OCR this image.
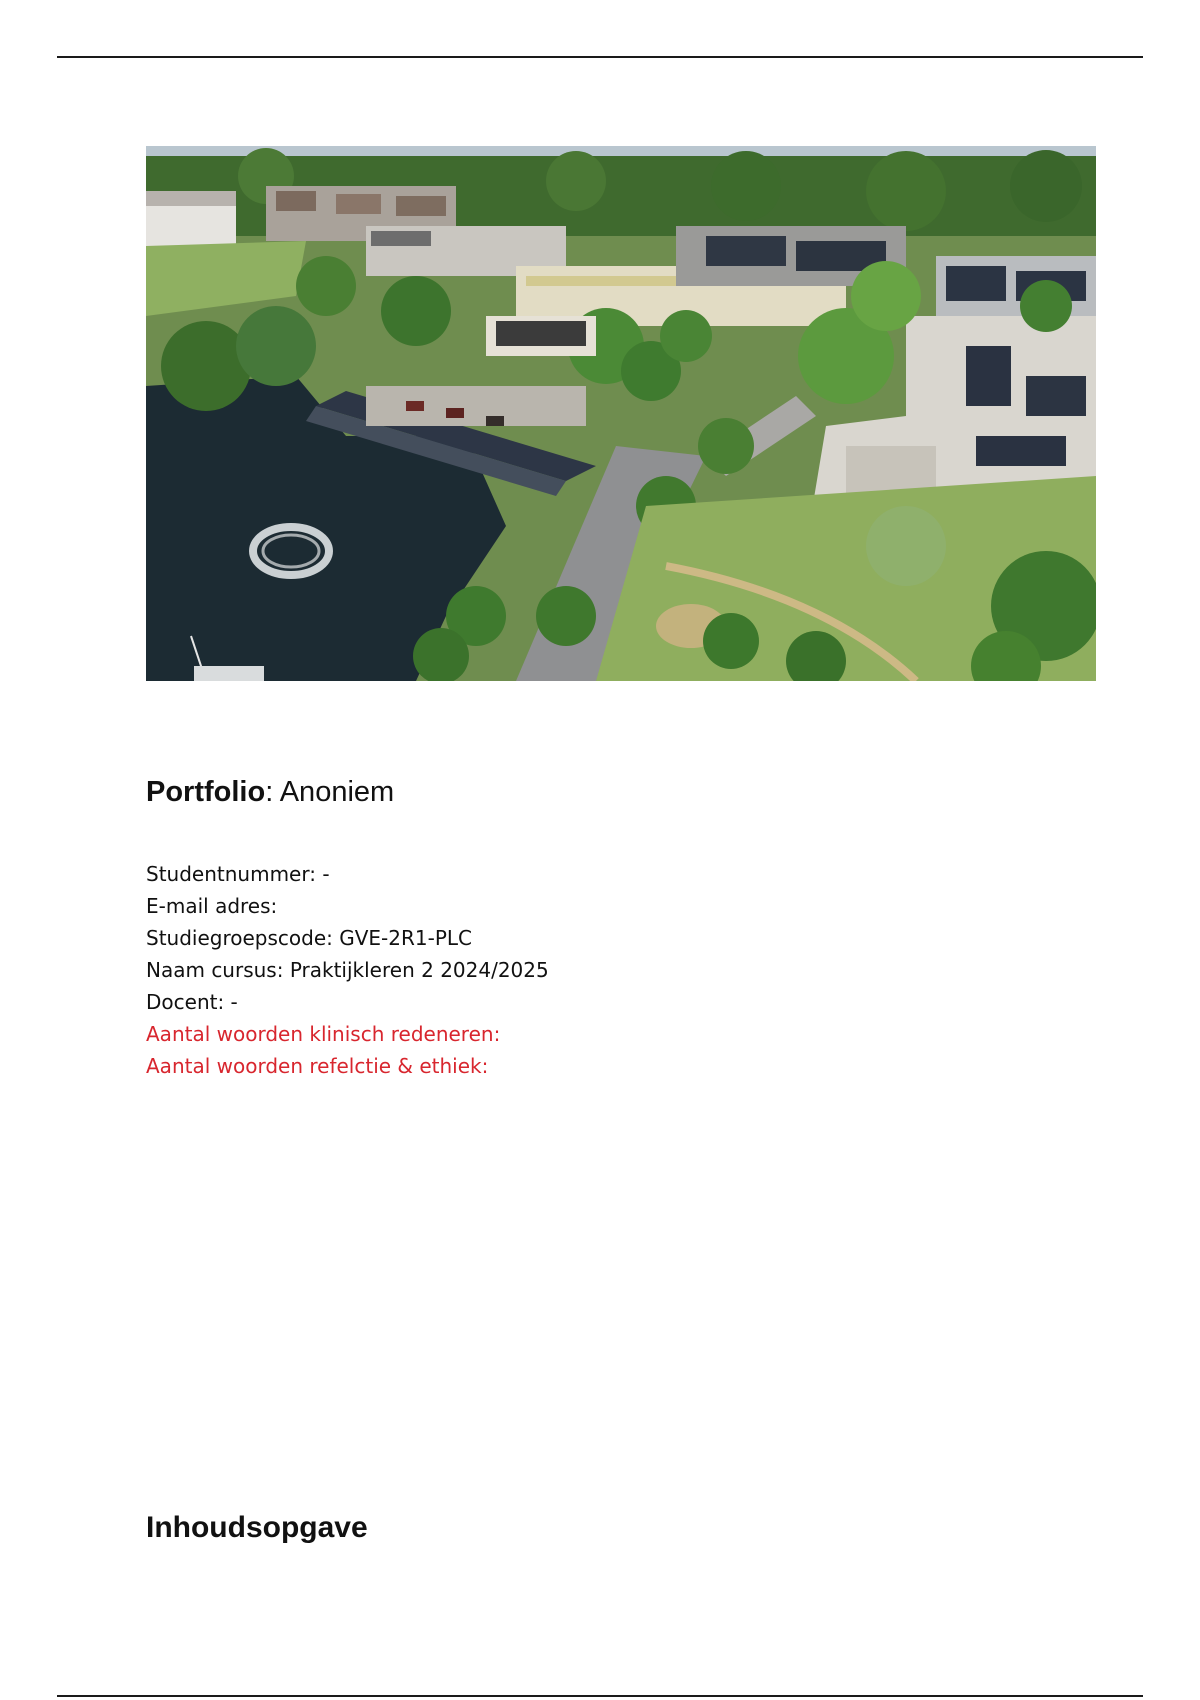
Portfolio: Anoniem
Studentnummer: -
E-mail adres:
Studiegroepscode: GVE-2R1-PLC
Naam cursus: Praktijkleren 2 2024/2025
Docent: -
Aantal woorden klinisch redeneren:
Aantal woorden refelctie & ethiek:
Inhoudsopgave
